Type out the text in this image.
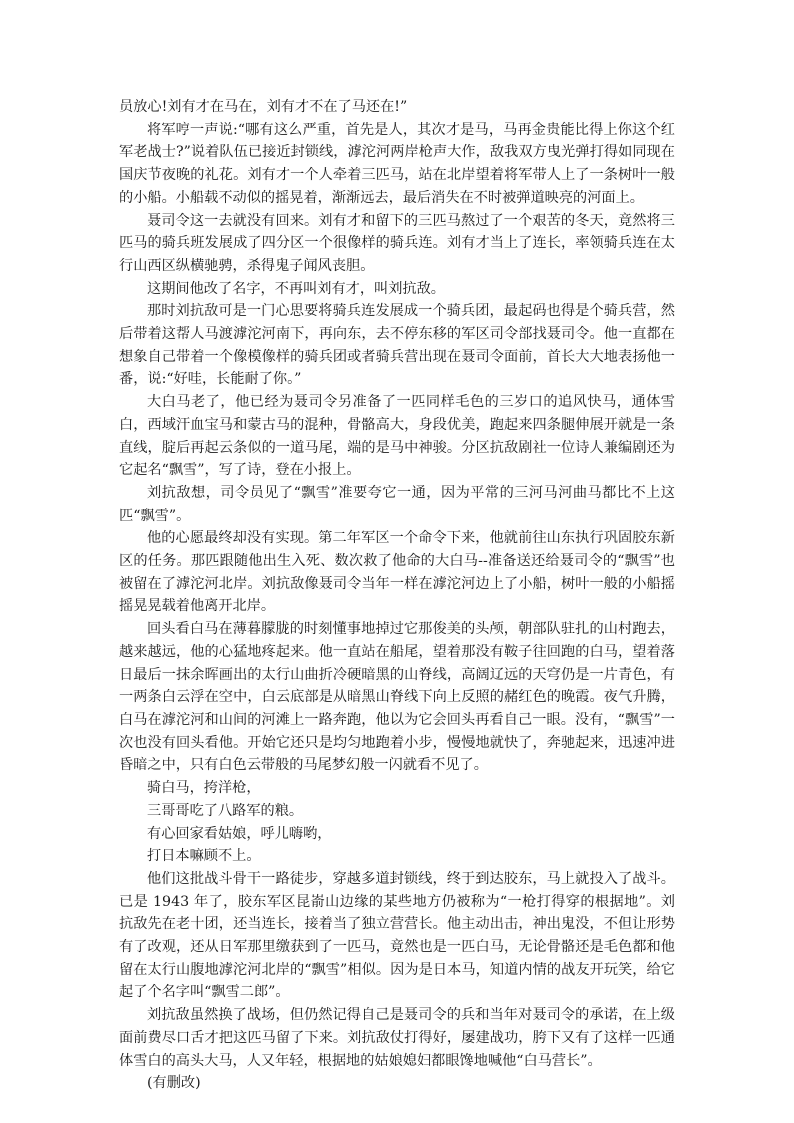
员放心!刘有才在马在，刘有才不在了马还在!”

将军哼一声说:“哪有这么严重，首先是人，其次才是马，马再金贵能比得上你这个红军老战士?”说着队伍已接近封锁线，滹沱河两岸枪声大作，敌我双方曳光弹打得如同现在国庆节夜晚的礼花。刘有才一个人牵着三匹马，站在北岸望着将军带人上了一条树叶一般的小船。小船载不动似的摇晃着，渐渐远去，最后消失在不时被弹道映亮的河面上。

聂司令这一去就没有回来。刘有才和留下的三匹马熬过了一个艰苦的冬天，竟然将三匹马的骑兵班发展成了四分区一个很像样的骑兵连。刘有才当上了连长，率领骑兵连在太行山西区纵横驰骋，杀得鬼子闻风丧胆。

这期间他改了名字，不再叫刘有才，叫刘抗敌。

那时刘抗敌可是一门心思要将骑兵连发展成一个骑兵团，最起码也得是个骑兵营，然后带着这帮人马渡滹沱河南下，再向东，去不停东移的军区司令部找聂司令。他一直都在想象自己带着一个像模像样的骑兵团或者骑兵营出现在聂司令面前，首长大大地表扬他一番，说:“好哇，长能耐了你。”

大白马老了，他已经为聂司令另准备了一匹同样毛色的三岁口的追风快马，通体雪白，西域汗血宝马和蒙古马的混种，骨骼高大，身段优美，跑起来四条腿伸展开就是一条直线，腚后再起云条似的一道马尾，端的是马中神骏。分区抗敌剧社一位诗人兼编剧还为它起名“飘雪”，写了诗，登在小报上。

刘抗敌想，司令员见了“飘雪”准要夸它一通，因为平常的三河马河曲马都比不上这匹“飘雪”。

他的心愿最终却没有实现。第二年军区一个命令下来，他就前往山东执行巩固胶东新区的任务。那匹跟随他出生入死、数次救了他命的大白马--准备送还给聂司令的“飘雪”也被留在了滹沱河北岸。刘抗敌像聂司令当年一样在滹沱河边上了小船，树叶一般的小船摇摇晃晃载着他离开北岸。

回头看白马在薄暮朦胧的时刻懂事地掉过它那俊美的头颅，朝部队驻扎的山村跑去，越来越远，他的心猛地疼起来。他一直站在船尾，望着那没有鞍子往回跑的白马，望着落日最后一抹余晖画出的太行山曲折冷硬暗黑的山脊线，高阔辽远的天穹仍是一片青色，有一两条白云浮在空中，白云底部是从暗黑山脊线下向上反照的赭红色的晚霞。夜气升腾，白马在滹沱河和山间的河滩上一路奔跑，他以为它会回头再看自己一眼。没有，“飘雪”一次也没有回头看他。开始它还只是均匀地跑着小步，慢慢地就快了，奔驰起来，迅速冲进昏暗之中，只有白色云带般的马尾梦幻般一闪就看不见了。

骑白马，挎洋枪，

三哥哥吃了八路军的粮。

有心回家看姑娘，呼儿嗨哟，

打日本嘛顾不上。

他们这批战斗骨干一路徒步，穿越多道封锁线，终于到达胶东，马上就投入了战斗。已是 1943 年了，胶东军区昆嵛山边缘的某些地方仍被称为“一枪打得穿的根据地”。刘抗敌先在老十团，还当连长，接着当了独立营营长。他主动出击，神出鬼没，不但让形势有了改观，还从日军那里缴获到了一匹马，竟然也是一匹白马，无论骨骼还是毛色都和他留在太行山腹地滹沱河北岸的“飘雪”相似。因为是日本马，知道内情的战友开玩笑，给它起了个名字叫“飘雪二郎”。

刘抗敌虽然换了战场，但仍然记得自己是聂司令的兵和当年对聂司令的承诺，在上级面前费尽口舌才把这匹马留了下来。刘抗敌仗打得好，屡建战功，胯下又有了这样一匹通体雪白的高头大马，人又年轻，根据地的姑娘媳妇都眼馋地喊他“白马营长”。

(有删改)
